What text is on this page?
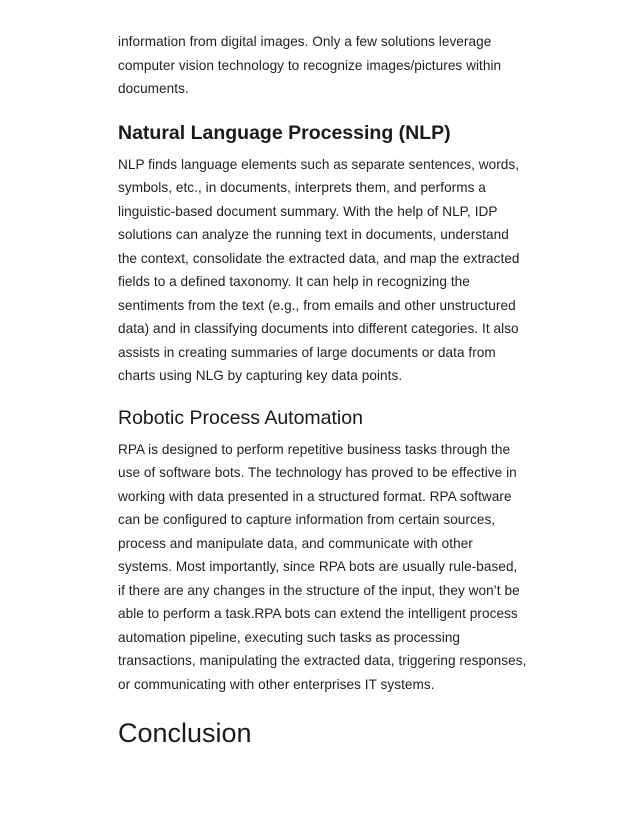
information from digital images. Only a few solutions leverage computer vision technology to recognize images/pictures within documents.

Natural Language Processing (NLP)

NLP finds language elements such as separate sentences, words, symbols, etc., in documents, interprets them, and performs a linguistic-based document summary. With the help of NLP, IDP solutions can analyze the running text in documents, understand the context, consolidate the extracted data, and map the extracted fields to a defined taxonomy. It can help in recognizing the sentiments from the text (e.g., from emails and other unstructured data) and in classifying documents into different categories. It also assists in creating summaries of large documents or data from charts using NLG by capturing key data points.

Robotic Process Automation

RPA is designed to perform repetitive business tasks through the use of software bots. The technology has proved to be effective in working with data presented in a structured format. RPA software can be configured to capture information from certain sources, process and manipulate data, and communicate with other systems. Most importantly, since RPA bots are usually rule-based, if there are any changes in the structure of the input, they won’t be able to perform a task.RPA bots can extend the intelligent process automation pipeline, executing such tasks as processing transactions, manipulating the extracted data, triggering responses, or communicating with other enterprises IT systems.

Conclusion
